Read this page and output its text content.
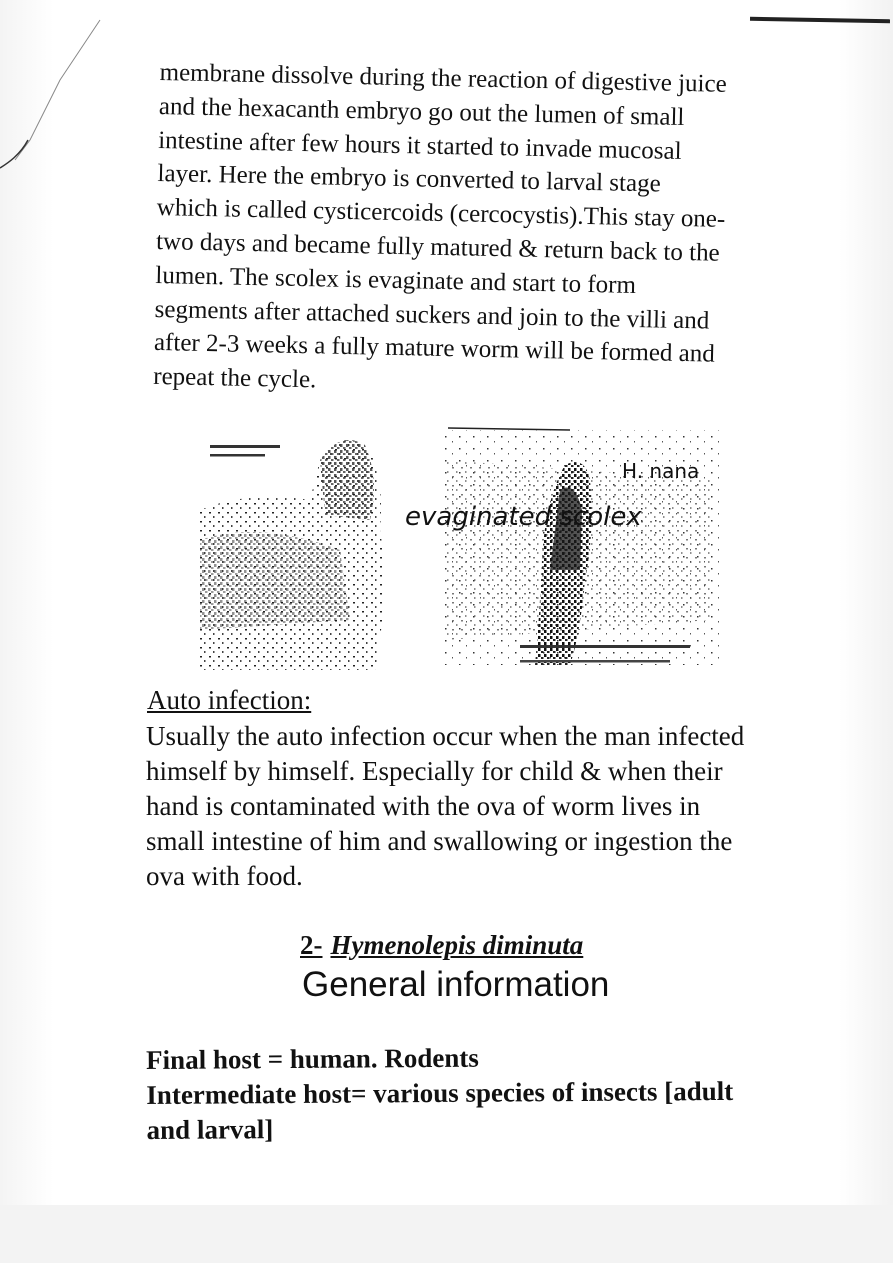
membrane dissolve during the reaction of digestive juice
and the hexacanth embryo go out the lumen of small
intestine after few hours it started to invade mucosal
layer. Here the embryo is converted to larval stage
which is called cysticercoids (cercocystis).This stay one-
two days and became fully matured & return back to the
lumen. The scolex is evaginate and start to form
segments after attached suckers and join to the villi and
after 2-3 weeks a fully mature worm will be formed and
repeat the cycle.

evaginated scolex
H. nana
Auto infection:

Usually the auto infection occur when the man infected
himself by himself. Especially for child & when their
hand is contaminated with the ova of worm lives in
small intestine of him and swallowing or ingestion the
ova with food.

2- Hymenolepis diminuta
General information
Final host = human. Rodents
Intermediate host= various species of insects [adult
and larval]
